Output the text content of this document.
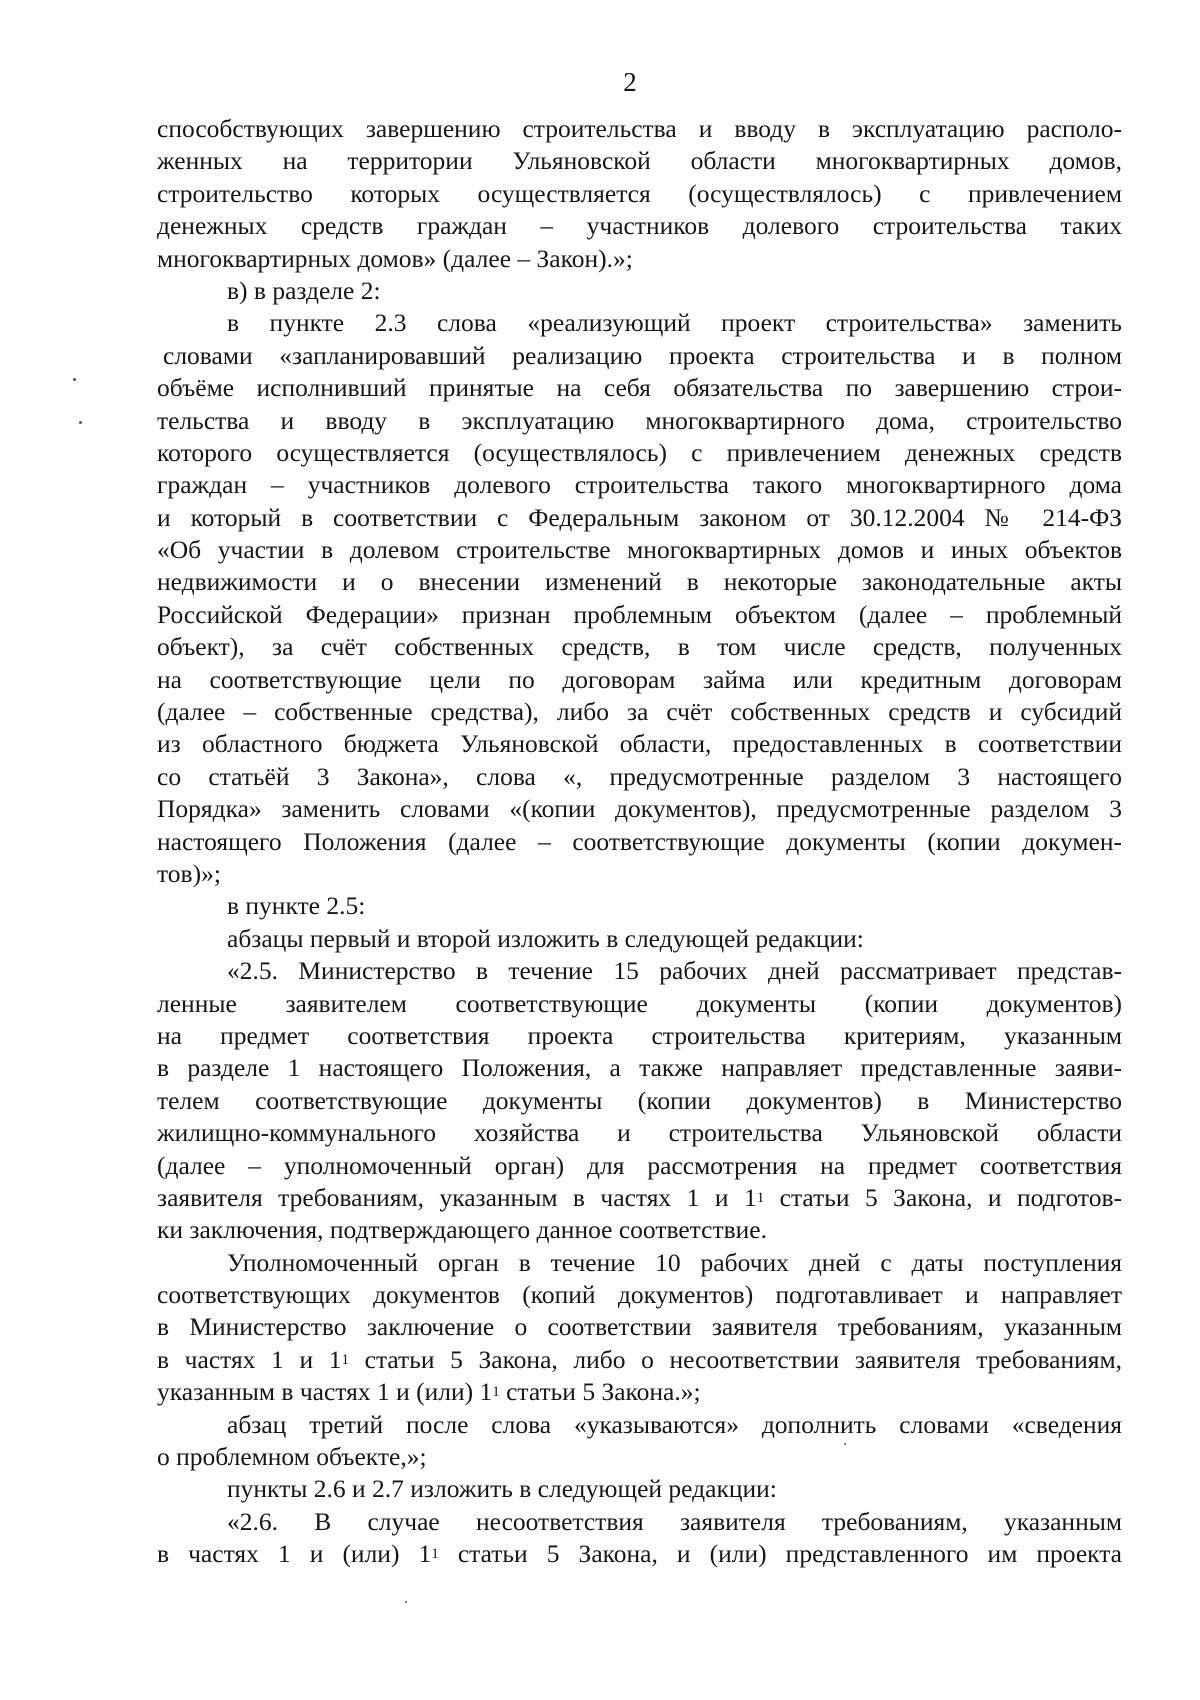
2
способствующих завершению строительства и вводу в эксплуатацию располо-
женных на территории Ульяновской области многоквартирных домов,
строительство которых осуществляется (осуществлялось) с привлечением
денежных средств граждан – участников долевого строительства таких
многоквартирных домов» (далее – Закон).»;
в) в разделе 2:
в пункте 2.3 слова «реализующий проект строительства» заменить
словами «запланировавший реализацию проекта строительства и в полном
объёме исполнивший принятые на себя обязательства по завершению строи-
тельства и вводу в эксплуатацию многоквартирного дома, строительство
которого осуществляется (осуществлялось) с привлечением денежных средств
граждан – участников долевого строительства такого многоквартирного дома
и который в соответствии с Федеральным законом от 30.12.2004 № 214-ФЗ
«Об участии в долевом строительстве многоквартирных домов и иных объектов
недвижимости и о внесении изменений в некоторые законодательные акты
Российской Федерации» признан проблемным объектом (далее – проблемный
объект), за счёт собственных средств, в том числе средств, полученных
на соответствующие цели по договорам займа или кредитным договорам
(далее – собственные средства), либо за счёт собственных средств и субсидий
из областного бюджета Ульяновской области, предоставленных в соответствии
со статьёй 3 Закона», слова «, предусмотренные разделом 3 настоящего
Порядка» заменить словами «(копии документов), предусмотренные разделом 3
настоящего Положения (далее – соответствующие документы (копии докумен-
тов)»;
в пункте 2.5:
абзацы первый и второй изложить в следующей редакции:
«2.5. Министерство в течение 15 рабочих дней рассматривает представ-
ленные заявителем соответствующие документы (копии документов)
на предмет соответствия проекта строительства критериям, указанным
в разделе 1 настоящего Положения, а также направляет представленные заяви-
телем соответствующие документы (копии документов) в Министерство
жилищно-коммунального хозяйства и строительства Ульяновской области
(далее – уполномоченный орган) для рассмотрения на предмет соответствия
заявителя требованиям, указанным в частях 1 и $1^1$ статьи 5 Закона, и подготов-
ки заключения, подтверждающего данное соответствие.
Уполномоченный орган в течение 10 рабочих дней с даты поступления
соответствующих документов (копий документов) подготавливает и направляет
в Министерство заключение о соответствии заявителя требованиям, указанным
в частях 1 и $1^1$ статьи 5 Закона, либо о несоответствии заявителя требованиям,
указанным в частях 1 и (или) $1^1$ статьи 5 Закона.»;
абзац третий после слова «указываются» дополнить словами «сведения
о проблемном объекте,»;
пункты 2.6 и 2.7 изложить в следующей редакции:
«2.6. В случае несоответствия заявителя требованиям, указанным
в частях 1 и (или) $1^1$ статьи 5 Закона, и (или) представленного им проекта
